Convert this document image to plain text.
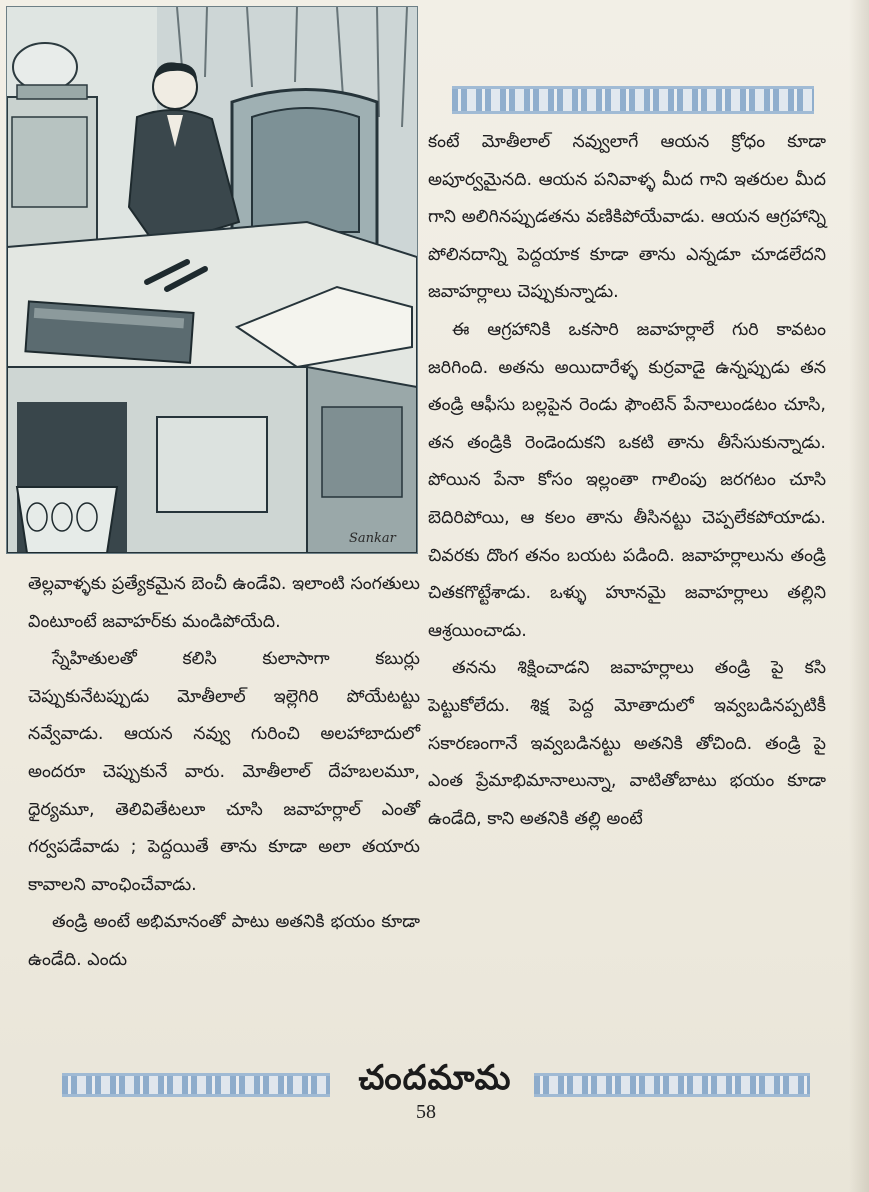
Sankar

కంటే మోతీలాల్ నవ్వులాగే ఆయన క్రోధం కూడా అపూర్వమైనది. ఆయన పనివాళ్ళ మీద గాని ఇతరుల మీద గాని అలిగినప్పుడతను వణికిపోయేవాడు. ఆయన ఆగ్రహాన్ని పోలినదాన్ని పెద్దయాక కూడా తాను ఎన్నడూ చూడలేదని జవాహర్లాలు చెప్పుకున్నాడు.

ఈ ఆగ్రహానికి ఒకసారి జవాహర్లాలే గురి కావటం జరిగింది. అతను అయిదారేళ్ళ కుర్రవాడై ఉన్నప్పుడు తన తండ్రి ఆఫీసు బల్లపైన రెండు ఫౌంటెన్ పేనాలుండటం చూసి, తన తండ్రికి రెండెందుకని ఒకటి తాను తీసేసుకున్నాడు. పోయిన పేనా కోసం ఇల్లంతా గాలింపు జరగటం చూసి బెదిరిపోయి, ఆ కలం తాను తీసినట్టు చెప్పలేకపోయాడు. చివరకు దొంగ తనం బయట పడింది. జవాహర్లాలును తండ్రి చితకగొట్టేశాడు. ఒళ్ళు హూనమై జవాహర్లాలు తల్లిని ఆశ్రయించాడు.

తనను శిక్షించాడని జవాహర్లాలు తండ్రి పై కసి పెట్టుకోలేదు. శిక్ష పెద్ద మోతాదులో ఇవ్వబడినప్పటికీ సకారణంగానే ఇవ్వబడినట్టు అతనికి తోచింది. తండ్రి పై ఎంత ప్రేమాభిమానాలున్నా, వాటితోబాటు భయం కూడా ఉండేది, కాని అతనికి తల్లి అంటే

తెల్లవాళ్ళకు ప్రత్యేకమైన బెంచీ ఉండేవి. ఇలాంటి సంగతులు వింటూంటే జవాహర్‌కు మండిపోయేది.

స్నేహితులతో కలిసి కులాసాగా కబుర్లు చెప్పుకునేటప్పుడు మోతీలాల్ ఇల్లెగిరి పోయేటట్టు నవ్వేవాడు. ఆయన నవ్వు గురించి అలహాబాదులో అందరూ చెప్పుకునే వారు. మోతీలాల్ దేహబలమూ, ధైర్యమూ, తెలివితేటలూ చూసి జవాహర్లాల్ ఎంతో గర్వపడేవాడు ; పెద్దయితే తాను కూడా అలా తయారు కావాలని వాంఛించేవాడు.

తండ్రి అంటే అభిమానంతో పాటు అతనికి భయం కూడా ఉండేది. ఎందు

చందమామ
58
